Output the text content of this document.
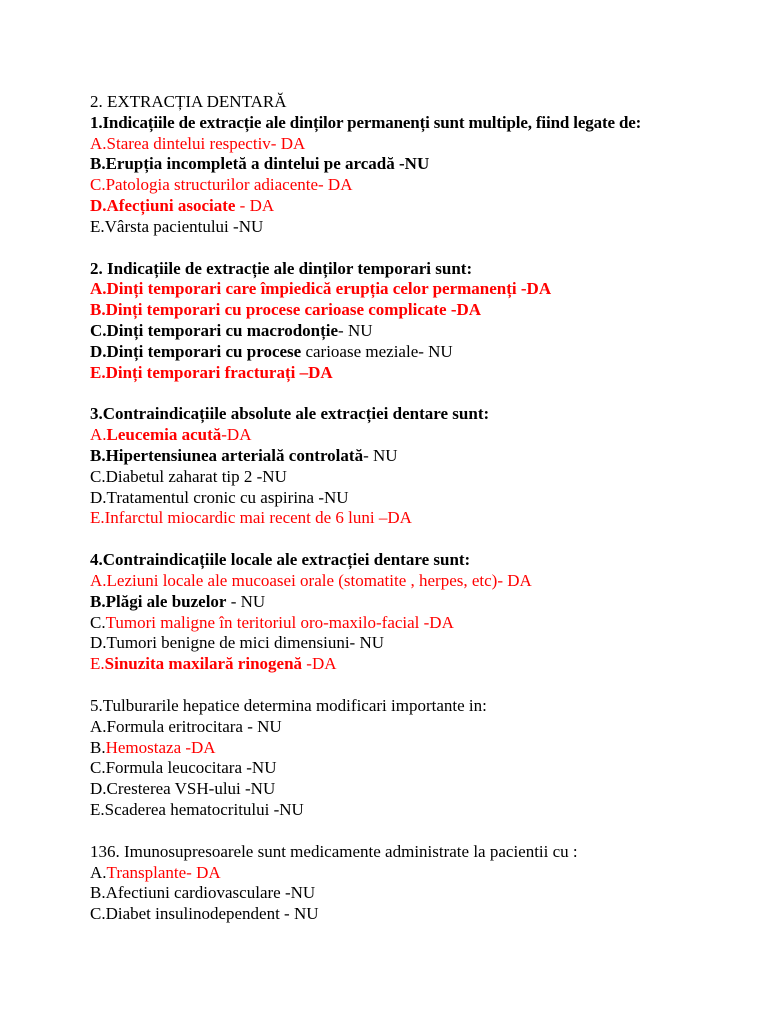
2. EXTRACȚIA DENTARĂ
1.Indicațiile de extracție ale dinților permanenți sunt multiple, fiind legate de:
A.Starea dintelui respectiv- DA
B.Erupția incompletă a dintelui pe arcadă -NU
C.Patologia structurilor adiacente- DA
D.Afecțiuni asociate - DA
E.Vârsta pacientului -NU
2. Indicațiile de extracție ale dinților temporari sunt:
A.Dinți temporari care împiedică erupția celor permanenți -DA
B.Dinți temporari cu procese carioase complicate -DA
C.Dinți temporari cu macrodonție- NU
D.Dinți temporari cu procese carioase meziale- NU
E.Dinți temporari fracturați –DA
3.Contraindicațiile absolute ale extracției dentare sunt:
A.Leucemia acută-DA
B.Hipertensiunea arterială controlată- NU
C.Diabetul zaharat tip 2 -NU
D.Tratamentul cronic cu aspirina -NU
E.Infarctul miocardic mai recent de 6 luni –DA
4.Contraindicațiile locale ale extracției dentare sunt:
A.Leziuni locale ale mucoasei orale (stomatite , herpes, etc)- DA
B.Plăgi ale buzelor - NU
C.Tumori maligne în teritoriul oro-maxilo-facial -DA
D.Tumori benigne de mici dimensiuni- NU
E.Sinuzita maxilară rinogenă -DA
5.Tulburarile hepatice determina modificari importante in:
A.Formula eritrocitara - NU
B.Hemostaza -DA
C.Formula leucocitara -NU
D.Cresterea VSH-ului -NU
E.Scaderea hematocritului -NU
136. Imunosupresoarele sunt medicamente administrate la pacientii cu :
A.Transplante- DA
B.Afectiuni cardiovasculare -NU
C.Diabet insulinodependent - NU
